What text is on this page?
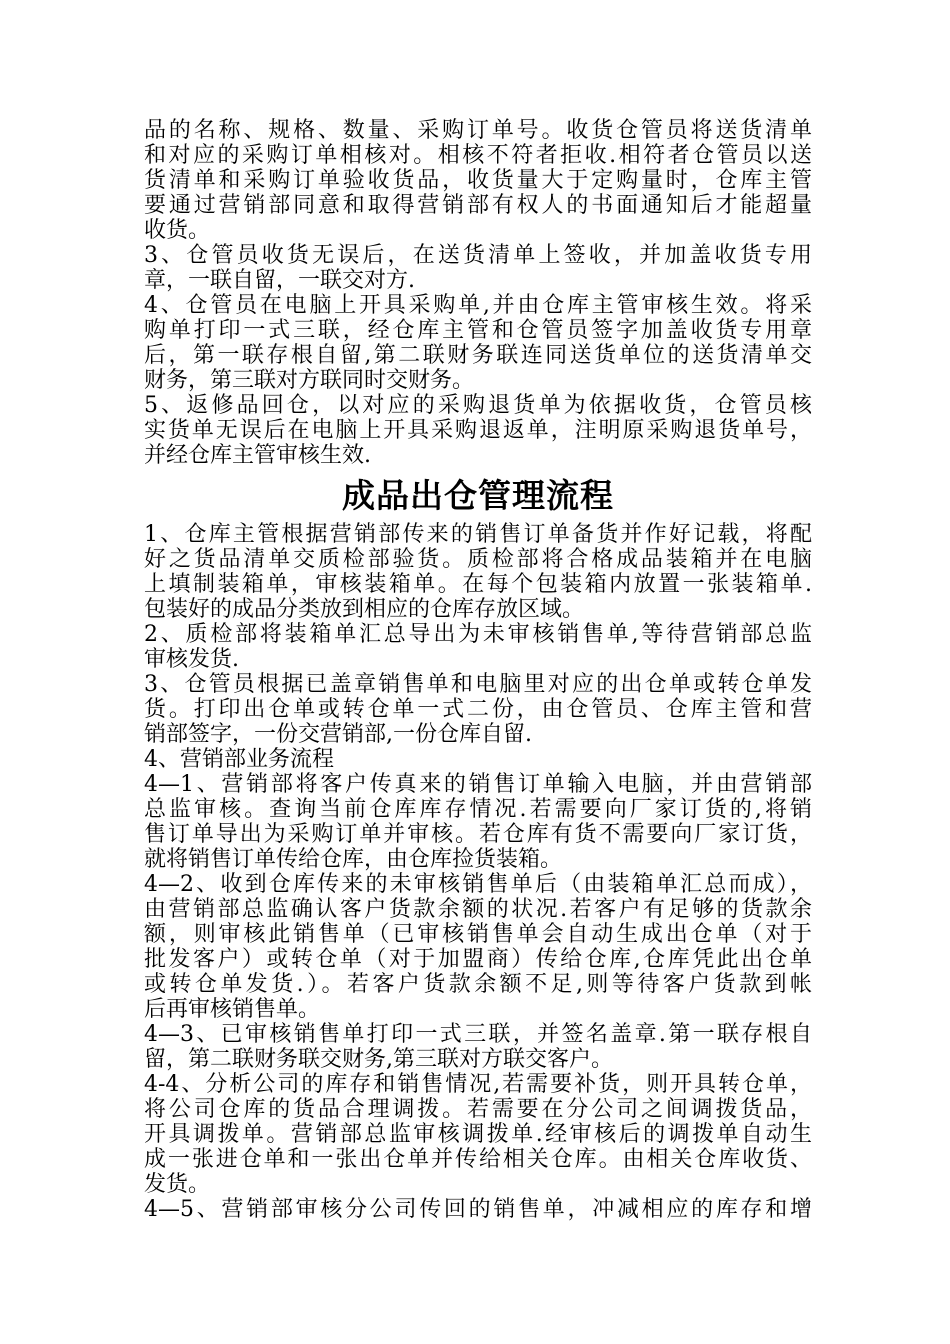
品的名称、规格、数量、采购订单号。收货仓管员将送货清单
和对应的采购订单相核对。相核不符者拒收.相符者仓管员以送
货清单和采购订单验收货品，收货量大于定购量时，仓库主管
要通过营销部同意和取得营销部有权人的书面通知后才能超量
收货。
3、仓管员收货无误后，在送货清单上签收，并加盖收货专用
章，一联自留，一联交对方.
4、仓管员在电脑上开具采购单,并由仓库主管审核生效。将采
购单打印一式三联，经仓库主管和仓管员签字加盖收货专用章
后，第一联存根自留,第二联财务联连同送货单位的送货清单交
财务，第三联对方联同时交财务。
5、返修品回仓，以对应的采购退货单为依据收货，仓管员核
实货单无误后在电脑上开具采购退返单，注明原采购退货单号，
并经仓库主管审核生效.
成品出仓管理流程
1、仓库主管根据营销部传来的销售订单备货并作好记载，将配
好之货品清单交质检部验货。质检部将合格成品装箱并在电脑
上填制装箱单，审核装箱单。在每个包装箱内放置一张装箱单.
包装好的成品分类放到相应的仓库存放区域。
2、质检部将装箱单汇总导出为未审核销售单,等待营销部总监
审核发货.
3、仓管员根据已盖章销售单和电脑里对应的出仓单或转仓单发
货。打印出仓单或转仓单一式二份，由仓管员、仓库主管和营
销部签字，一份交营销部,一份仓库自留.
4、营销部业务流程
4—1、营销部将客户传真来的销售订单输入电脑，并由营销部
总监审核。查询当前仓库库存情况.若需要向厂家订货的,将销
售订单导出为采购订单并审核。若仓库有货不需要向厂家订货，
就将销售订单传给仓库，由仓库捡货装箱。
4—2、收到仓库传来的未审核销售单后（由装箱单汇总而成），
由营销部总监确认客户货款余额的状况.若客户有足够的货款余
额，则审核此销售单（已审核销售单会自动生成出仓单（对于
批发客户）或转仓单（对于加盟商）传给仓库,仓库凭此出仓单
或转仓单发货.）。若客户货款余额不足,则等待客户货款到帐
后再审核销售单。
4—3、已审核销售单打印一式三联，并签名盖章.第一联存根自
留，第二联财务联交财务,第三联对方联交客户。
4-4、分析公司的库存和销售情况,若需要补货，则开具转仓单，
将公司仓库的货品合理调拨。若需要在分公司之间调拨货品，
开具调拨单。营销部总监审核调拨单.经审核后的调拨单自动生
成一张进仓单和一张出仓单并传给相关仓库。由相关仓库收货、
发货。
4—5、营销部审核分公司传回的销售单，冲减相应的库存和增
